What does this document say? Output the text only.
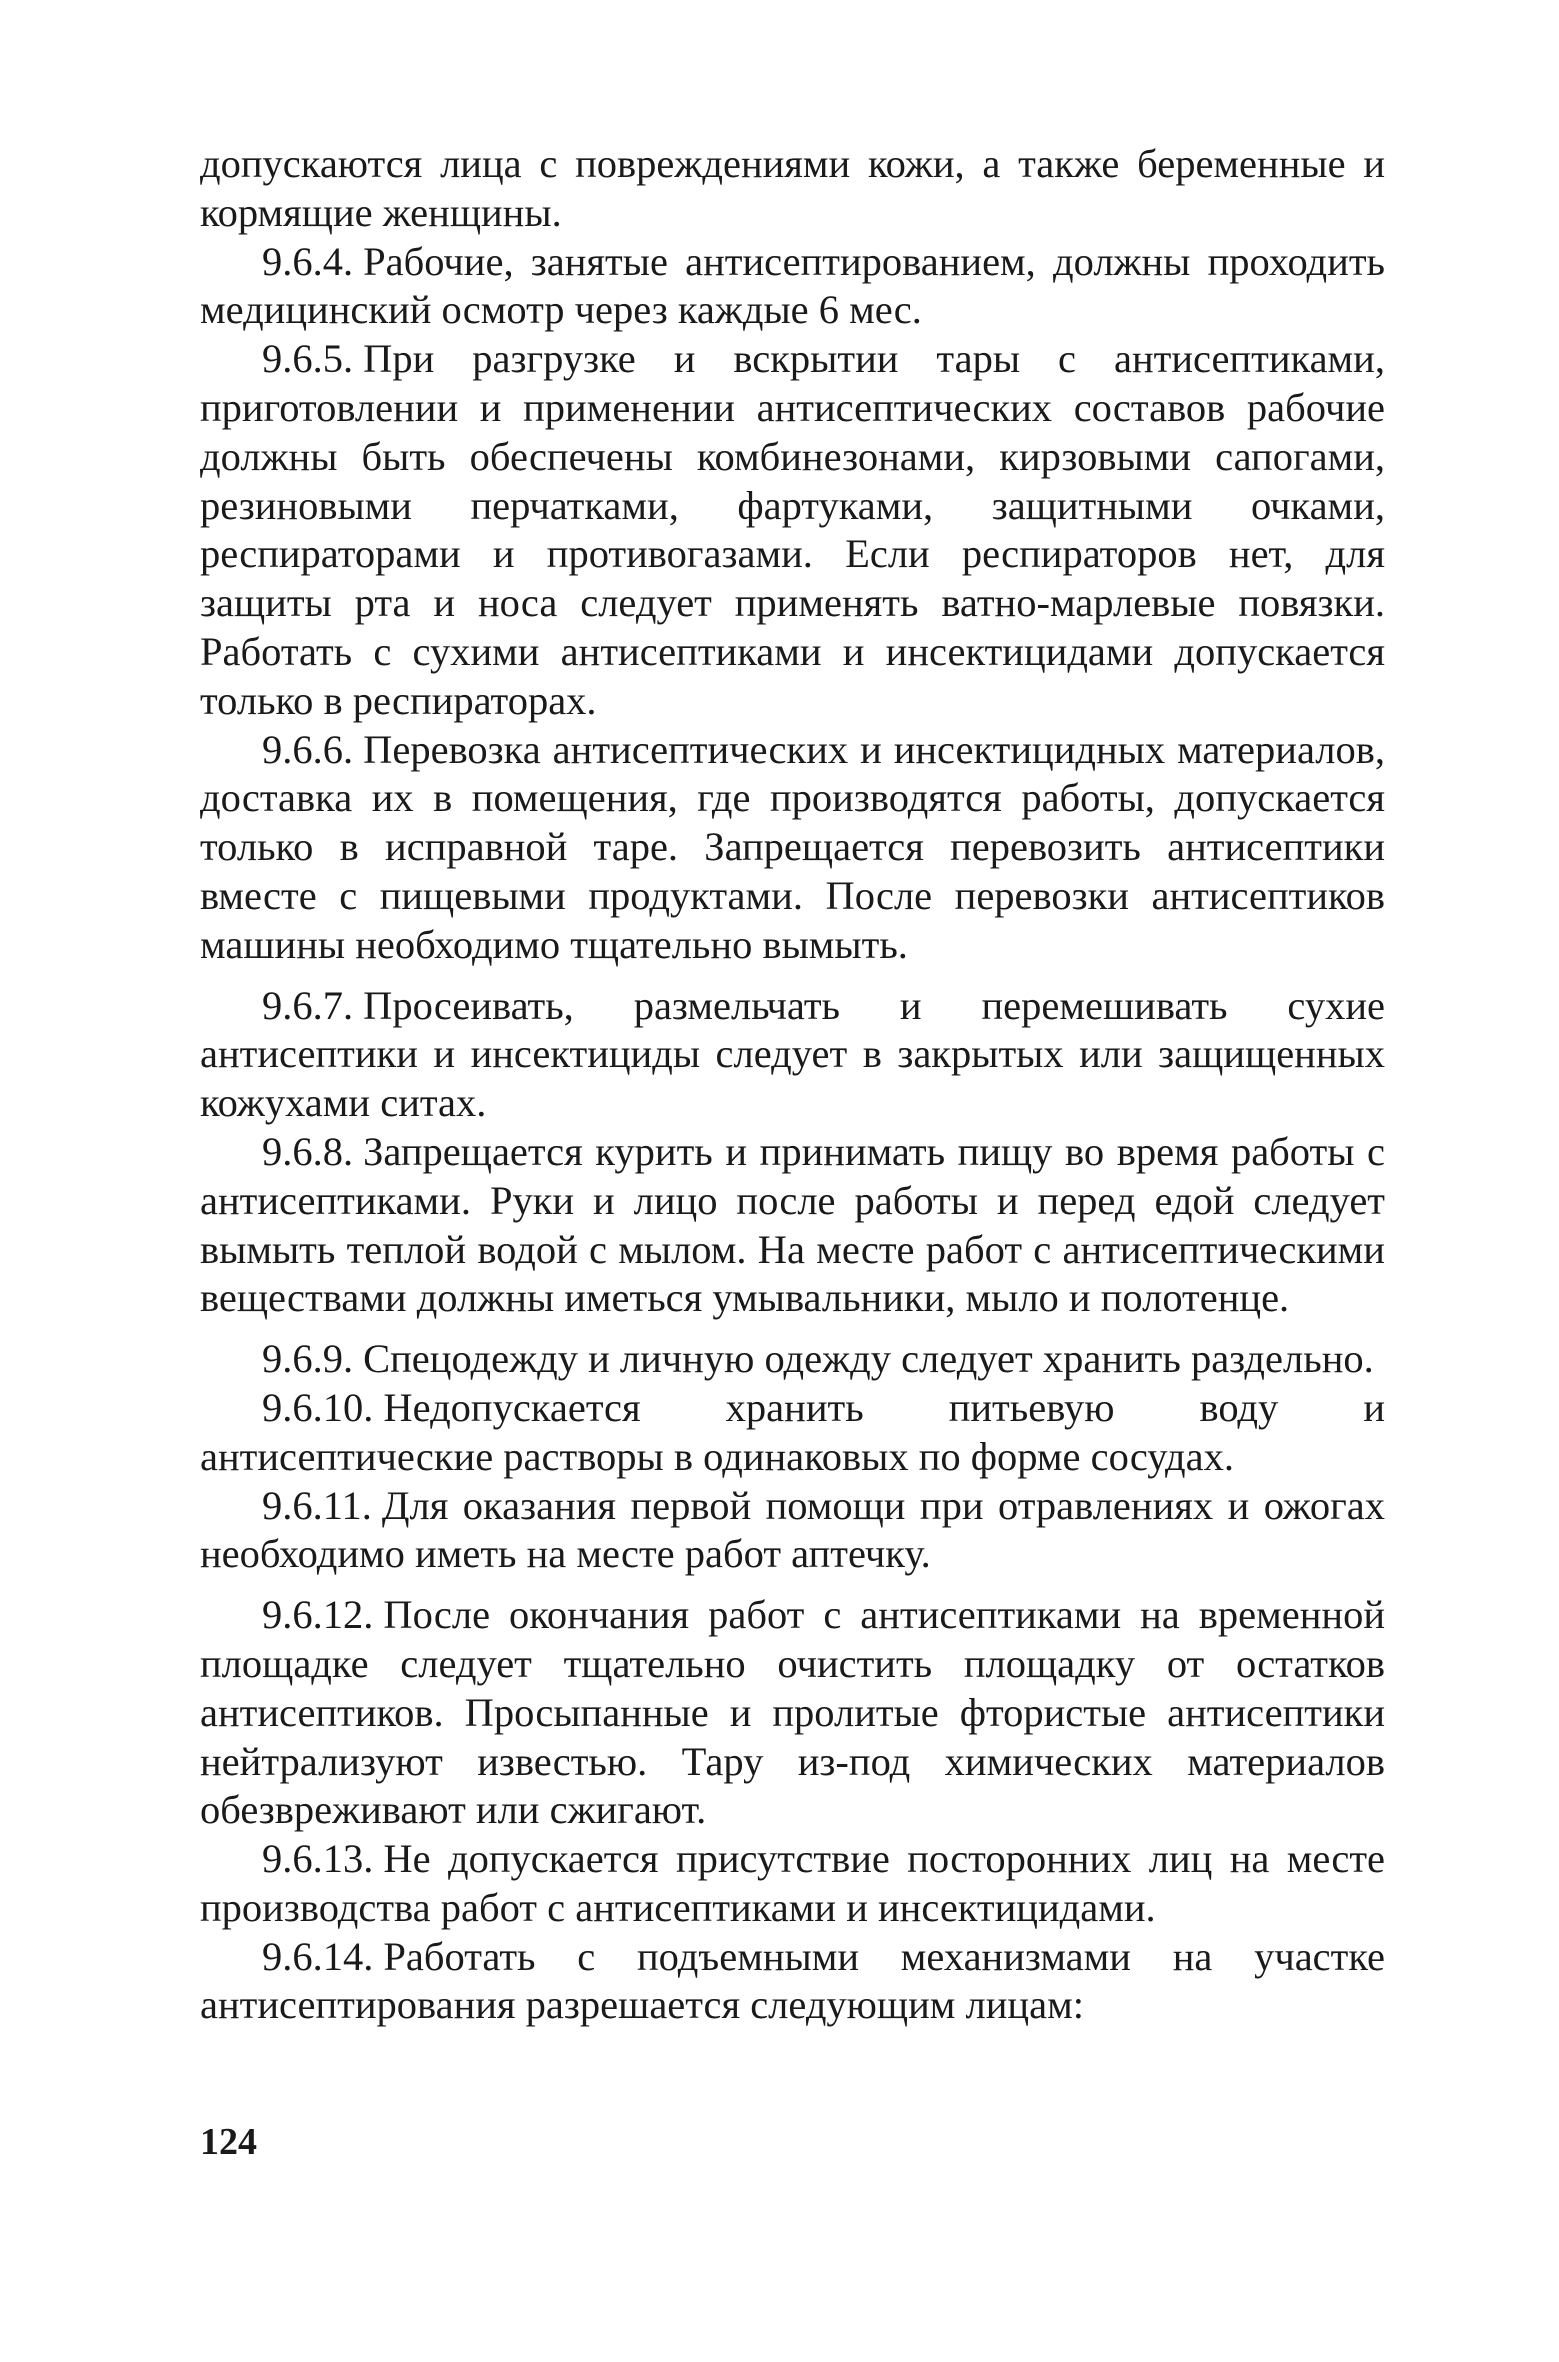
допускаются лица с повреждениями кожи, а также беременные и кормящие женщины.

9.6.4. Рабочие, занятые антисептированием, должны проходить медицинский осмотр через каждые 6 мес.

9.6.5. При разгрузке и вскрытии тары с антисептиками, приготовлении и применении антисептических составов рабочие должны быть обеспечены комбинезонами, кирзовыми сапогами, резиновыми перчатками, фартуками, защитными очками, респираторами и противогазами. Если респираторов нет, для защиты рта и носа следует применять ватно-марлевые повязки. Работать с сухими антисептиками и инсектицидами допускается только в респираторах.

9.6.6. Перевозка антисептических и инсектицидных материалов, доставка их в помещения, где производятся работы, допускается только в исправной таре. Запрещается перевозить антисептики вместе с пищевыми продуктами. После перевозки антисептиков машины необходимо тщательно вымыть.

9.6.7. Просеивать, размельчать и перемешивать сухие антисептики и инсектициды следует в закрытых или защищенных кожухами ситах.

9.6.8. Запрещается курить и принимать пищу во время работы с антисептиками. Руки и лицо после работы и перед едой следует вымыть теплой водой с мылом. На месте работ с антисептическими веществами должны иметься умывальники, мыло и полотенце.

9.6.9. Спецодежду и личную одежду следует хранить раздельно.

9.6.10. Недопускается хранить питьевую воду и антисептические растворы в одинаковых по форме сосудах.

9.6.11. Для оказания первой помощи при отравлениях и ожогах необходимо иметь на месте работ аптечку.

9.6.12. После окончания работ с антисептиками на временной площадке следует тщательно очистить площадку от остатков антисептиков. Просыпанные и пролитые фтористые антисептики нейтрализуют известью. Тару из-под химических материалов обезвреживают или сжигают.

9.6.13. Не допускается присутствие посторонних лиц на месте производства работ с антисептиками и инсектицидами.

9.6.14. Работать с подъемными механизмами на участке антисептирования разрешается следующим лицам:

124
